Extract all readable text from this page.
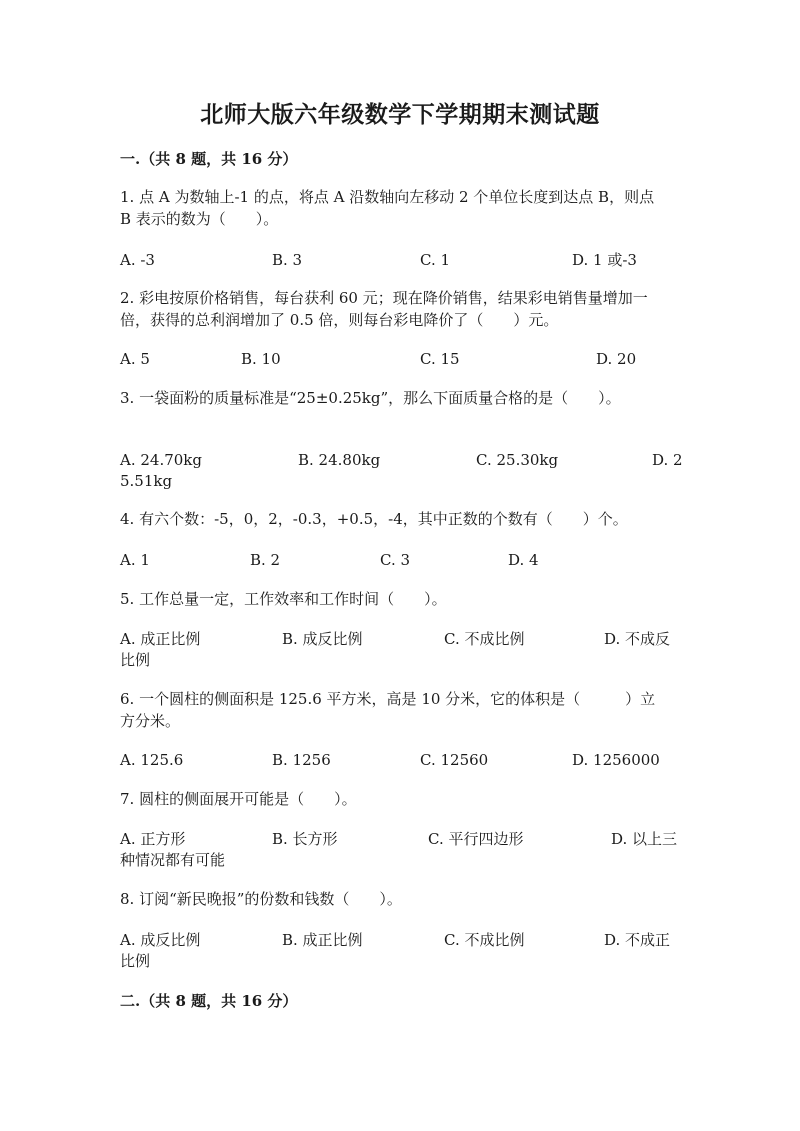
北师大版六年级数学下学期期末测试题
一.（共 8 题，共 16 分）
1. 点 A 为数轴上-1 的点，将点 A 沿数轴向左移动 2 个单位长度到达点 B，则点
B 表示的数为（　　）。
A. -3	B. 3	C. 1	D. 1 或-3
2. 彩电按原价格销售，每台获利 60 元；现在降价销售，结果彩电销售量增加一
倍，获得的总利润增加了 0.5 倍，则每台彩电降价了（　　）元。
A. 5	B. 10	C. 15	D. 20
3. 一袋面粉的质量标准是“25±0.25kg”，那么下面质量合格的是（　　）。
A. 24.70kg	B. 24.80kg	C. 25.30kg	D. 2
5.51kg
4. 有六个数：-5，0，2，-0.3，+0.5，-4，其中正数的个数有（　　）个。
A. 1	B. 2	C. 3	D. 4
5. 工作总量一定，工作效率和工作时间（　　）。
A. 成正比例	B. 成反比例	C. 不成比例	D. 不成反
比例
6. 一个圆柱的侧面积是 125.6 平方米，高是 10 分米，它的体积是（　　　）立
方分米。
A. 125.6	B. 1256	C. 12560	D. 1256000
7. 圆柱的侧面展开可能是（　　）。
A. 正方形	B. 长方形	C. 平行四边形	D. 以上三
种情况都有可能
8. 订阅“新民晚报”的份数和钱数（　　）。
A. 成反比例	B. 成正比例	C. 不成比例	D. 不成正
比例
二.（共 8 题，共 16 分）
